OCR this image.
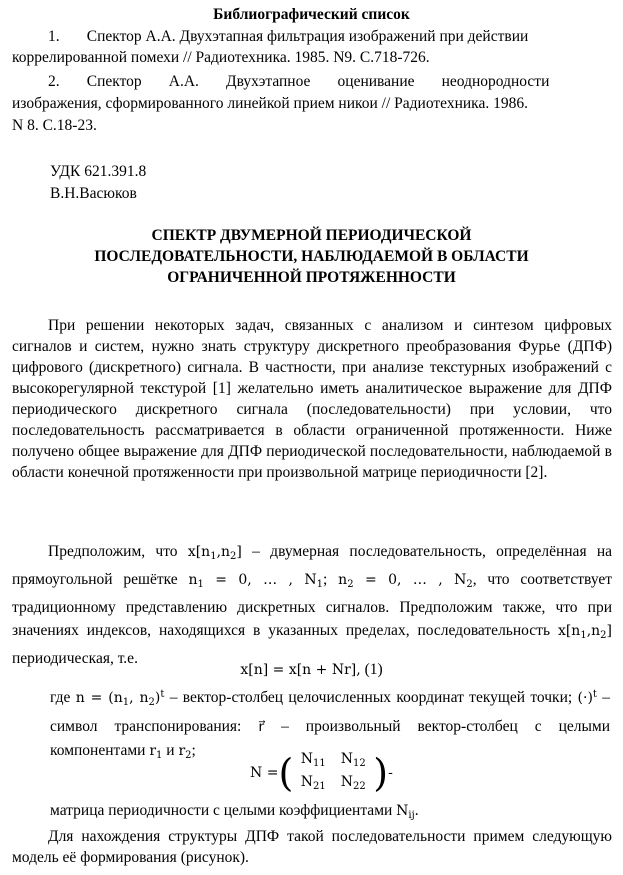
Библиографический список
1.       Спектор А.А. Двухэтапная фильтрация изображений при действии
коррелированной помехи // Радиотехника. 1985. N9. C.718-726.
2.       Спектор       А.А.       Двухэтапное       оценивание       неоднородности
изображения, сформированного линейкой прием никои // Радиотехника. 1986.
N 8. C.18-23.
УДК 621.391.8
В.Н.Васюков
СПЕКТР ДВУМЕРНОЙ ПЕРИОДИЧЕСКОЙ
ПОСЛЕДОВАТЕЛЬНОСТИ, НАБЛЮДАЕМОЙ В ОБЛАСТИ
ОГРАНИЧЕННОЙ ПРОТЯЖЕННОСТИ
При решении некоторых задач, связанных с анализом и синтезом цифровых сигналов и систем, нужно знать структуру дискретного преобразования Фурье (ДПФ) цифрового (дискретного) сигнала. В частности, при анализе текстурных изображений с высокорегулярной текстурой [1] желательно иметь аналитическое выражение для ДПФ периодического дискретного сигнала (последовательности) при условии, что последовательность рассматривается в области ограниченной протяженности. Ниже получено общее выражение для ДПФ периодической последовательности, наблюдаемой в области конечной протяженности при произвольной матрице периодичности [2].
Предположим, что $x[n_1,n_2]$ – двумерная последовательность, определённая на прямоугольной решётке $n_1 = 0$, … , $N_1$; $n_2 = 0$, … , $N_2$, что соответствует традиционному представлению дискретных сигналов. Предположим также, что при значениях индексов, находящихся в указанных пределах, последовательность $x[n_1,n_2]$ периодическая, т.е.
x[n] = x[n + Nr], (1)
где $n = (n_1$, $n_2)^t$ – вектор-столбец целочисленных координат текущей точки; $(\cdot)^t$ – символ транспонирования: r⃗ – произвольный вектор-столбец с целыми компонентами $r_1$ и $r_2$;
N = ( $N_{11}$	$N_{12}$
$N_{21}$	$N_{22}$ ) -
матрица периодичности с целыми коэффициентами $N_{ij}$.
Для нахождения структуры ДПФ такой последовательности примем следующую модель её формирования (рисунок).
